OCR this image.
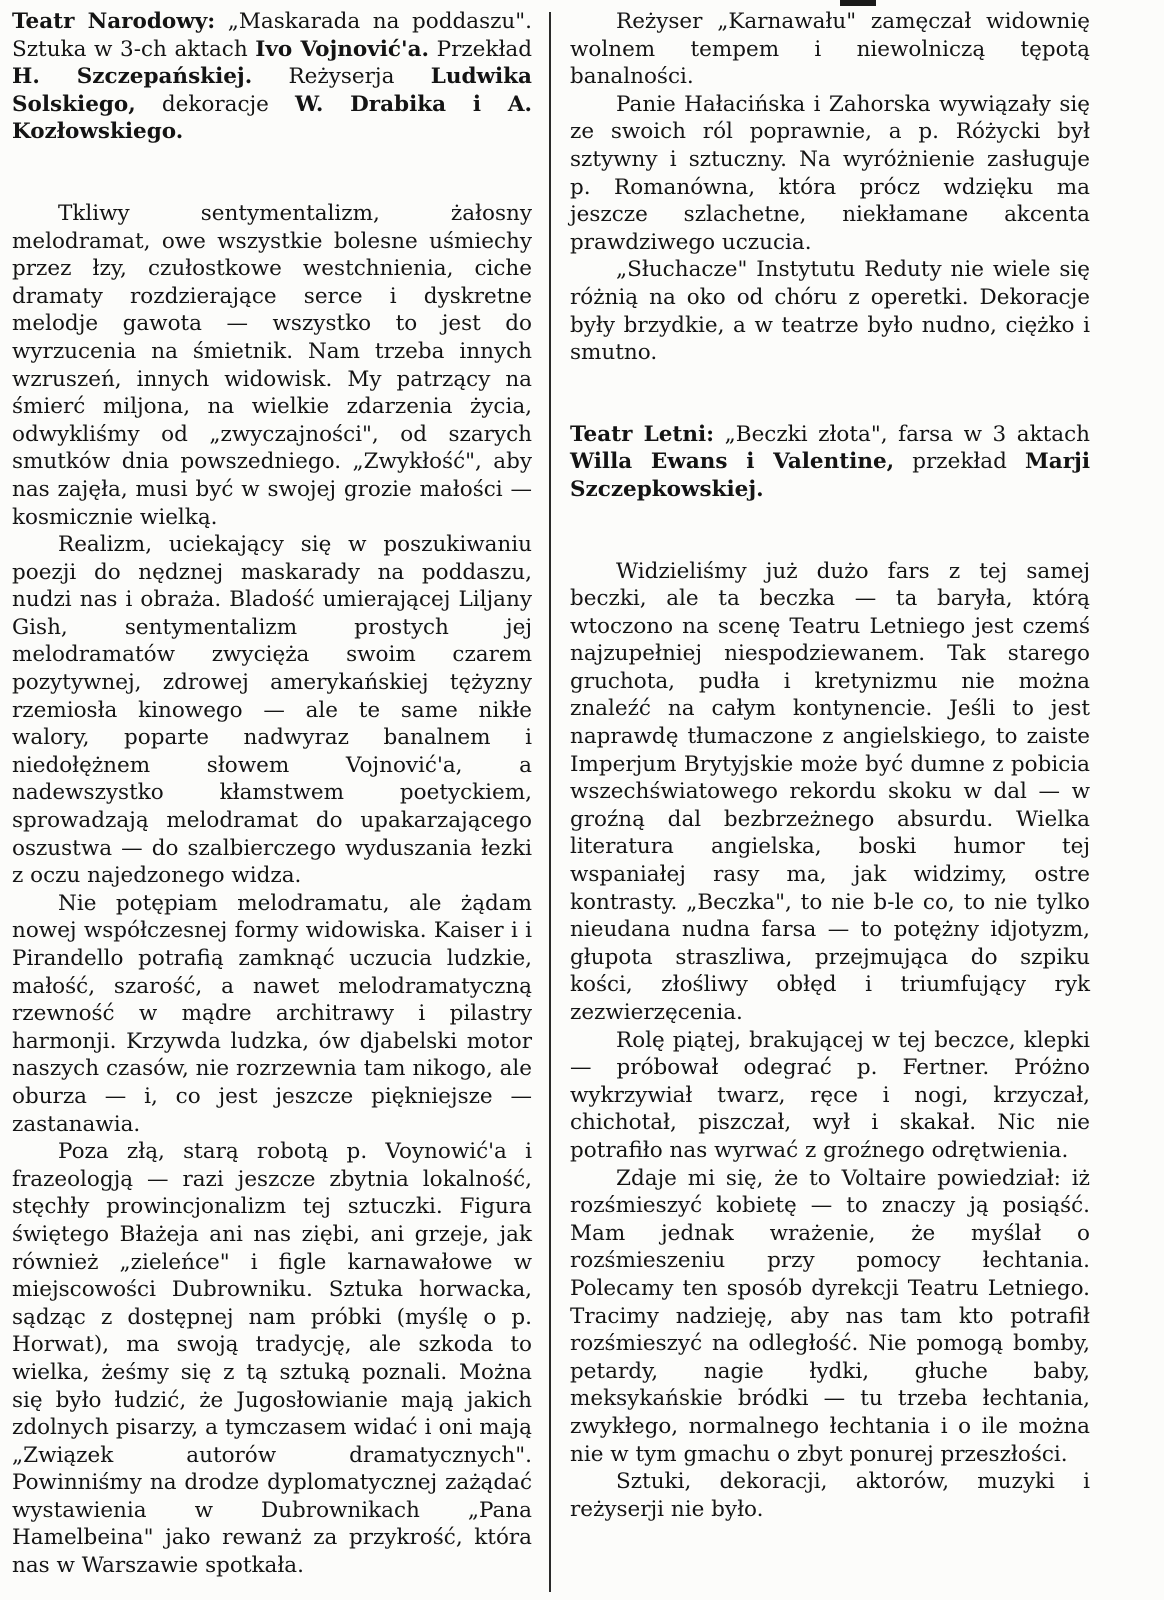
Teatr Narodowy: „Maskarada na poddaszu". Sztuka w 3-ch aktach Ivo Vojnović'a. Przekład H. Szczepańskiej. Reżyserja Ludwika Solskiego, dekoracje W. Drabika i A. Kozłowskiego.

Tkliwy sentymentalizm, żałosny melodramat, owe wszystkie bolesne uśmiechy przez łzy, czułostkowe westchnienia, ciche dramaty rozdzierające serce i dyskretne melodje gawota — wszystko to jest do wyrzucenia na śmietnik. Nam trzeba innych wzruszeń, innych widowisk. My patrzący na śmierć miljona, na wielkie zdarzenia życia, odwykliśmy od „zwyczajności", od szarych smutków dnia powszedniego. „Zwykłość", aby nas zajęła, musi być w swojej grozie małości — kosmicznie wielką.

Realizm, uciekający się w poszukiwaniu poezji do nędznej maskarady na poddaszu, nudzi nas i obraża. Bladość umierającej Liljany Gish, sentymentalizm prostych jej melodramatów zwycięża swoim czarem pozytywnej, zdrowej amerykańskiej tężyzny rzemiosła kinowego — ale te same nikłe walory, poparte nadwyraz banalnem i niedołężnem słowem Vojnović'a, a nadewszystko kłamstwem poetyckiem, sprowadzają melodramat do upakarzającego oszustwa — do szalbierczego wyduszania łezki z oczu najedzonego widza.

Nie potępiam melodramatu, ale żądam nowej współczesnej formy widowiska. Kaiser i i Pirandello potrafią zamknąć uczucia ludzkie, małość, szarość, a nawet melodramatyczną rzewność w mądre architrawy i pilastry harmonji. Krzywda ludzka, ów djabelski motor naszych czasów, nie rozrzewnia tam nikogo, ale oburza — i, co jest jeszcze piękniejsze — zastanawia.

Poza złą, starą robotą p. Voynowić'a i frazeologją — razi jeszcze zbytnia lokalność, stęchły prowincjonalizm tej sztuczki. Figura świętego Błażeja ani nas ziębi, ani grzeje, jak również „zieleńce" i figle karnawałowe w miejscowości Dubrowniku. Sztuka horwacka, sądząc z dostępnej nam próbki (myślę o p. Horwat), ma swoją tradycję, ale szkoda to wielka, żeśmy się z tą sztuką poznali. Można się było łudzić, że Jugosłowianie mają jakich zdolnych pisarzy, a tymczasem widać i oni mają „Związek autorów dramatycznych". Powinniśmy na drodze dyplomatycznej zażądać wystawienia w Dubrownikach „Pana Hamelbeina" jako rewanż za przykrość, która nas w Warszawie spotkała.

Reżyser „Karnawału" zamęczał widownię wolnem tempem i niewolniczą tępotą banalności.

Panie Hałacińska i Zahorska wywiązały się ze swoich ról poprawnie, a p. Różycki był sztywny i sztuczny. Na wyróżnienie zasługuje p. Romanówna, która prócz wdzięku ma jeszcze szlachetne, niekłamane akcenta prawdziwego uczucia.

„Słuchacze" Instytutu Reduty nie wiele się różnią na oko od chóru z operetki. Dekoracje były brzydkie, a w teatrze było nudno, ciężko i smutno.

Teatr Letni: „Beczki złota", farsa w 3 aktach Willa Ewans i Valentine, przekład Marji Szczepkowskiej.

Widzieliśmy już dużo fars z tej samej beczki, ale ta beczka — ta baryła, którą wtoczono na scenę Teatru Letniego jest czemś najzupełniej niespodziewanem. Tak starego gruchota, pudła i kretynizmu nie można znaleźć na całym kontynencie. Jeśli to jest naprawdę tłumaczone z angielskiego, to zaiste Imperjum Brytyjskie może być dumne z pobicia wszechświatowego rekordu skoku w dal — w groźną dal bezbrzeżnego absurdu. Wielka literatura angielska, boski humor tej wspaniałej rasy ma, jak widzimy, ostre kontrasty. „Beczka", to nie b-le co, to nie tylko nieudana nudna farsa — to potężny idjotyzm, głupota straszliwa, przejmująca do szpiku kości, złośliwy obłęd i triumfujący ryk zezwierzęcenia.

Rolę piątej, brakującej w tej beczce, klepki — próbował odegrać p. Fertner. Próżno wykrzywiał twarz, ręce i nogi, krzyczał, chichotał, piszczał, wył i skakał. Nic nie potrafiło nas wyrwać z groźnego odrętwienia.

Zdaje mi się, że to Voltaire powiedział: iż rozśmieszyć kobietę — to znaczy ją posiąść. Mam jednak wrażenie, że myślał o rozśmieszeniu przy pomocy łechtania. Polecamy ten sposób dyrekcji Teatru Letniego. Tracimy nadzieję, aby nas tam kto potrafił rozśmieszyć na odległość. Nie pomogą bomby, petardy, nagie łydki, głuche baby, meksykańskie bródki — tu trzeba łechtania, zwykłego, normalnego łechtania i o ile można nie w tym gmachu o zbyt ponurej przeszłości.

Sztuki, dekoracji, aktorów, muzyki i reżyserji nie było.
